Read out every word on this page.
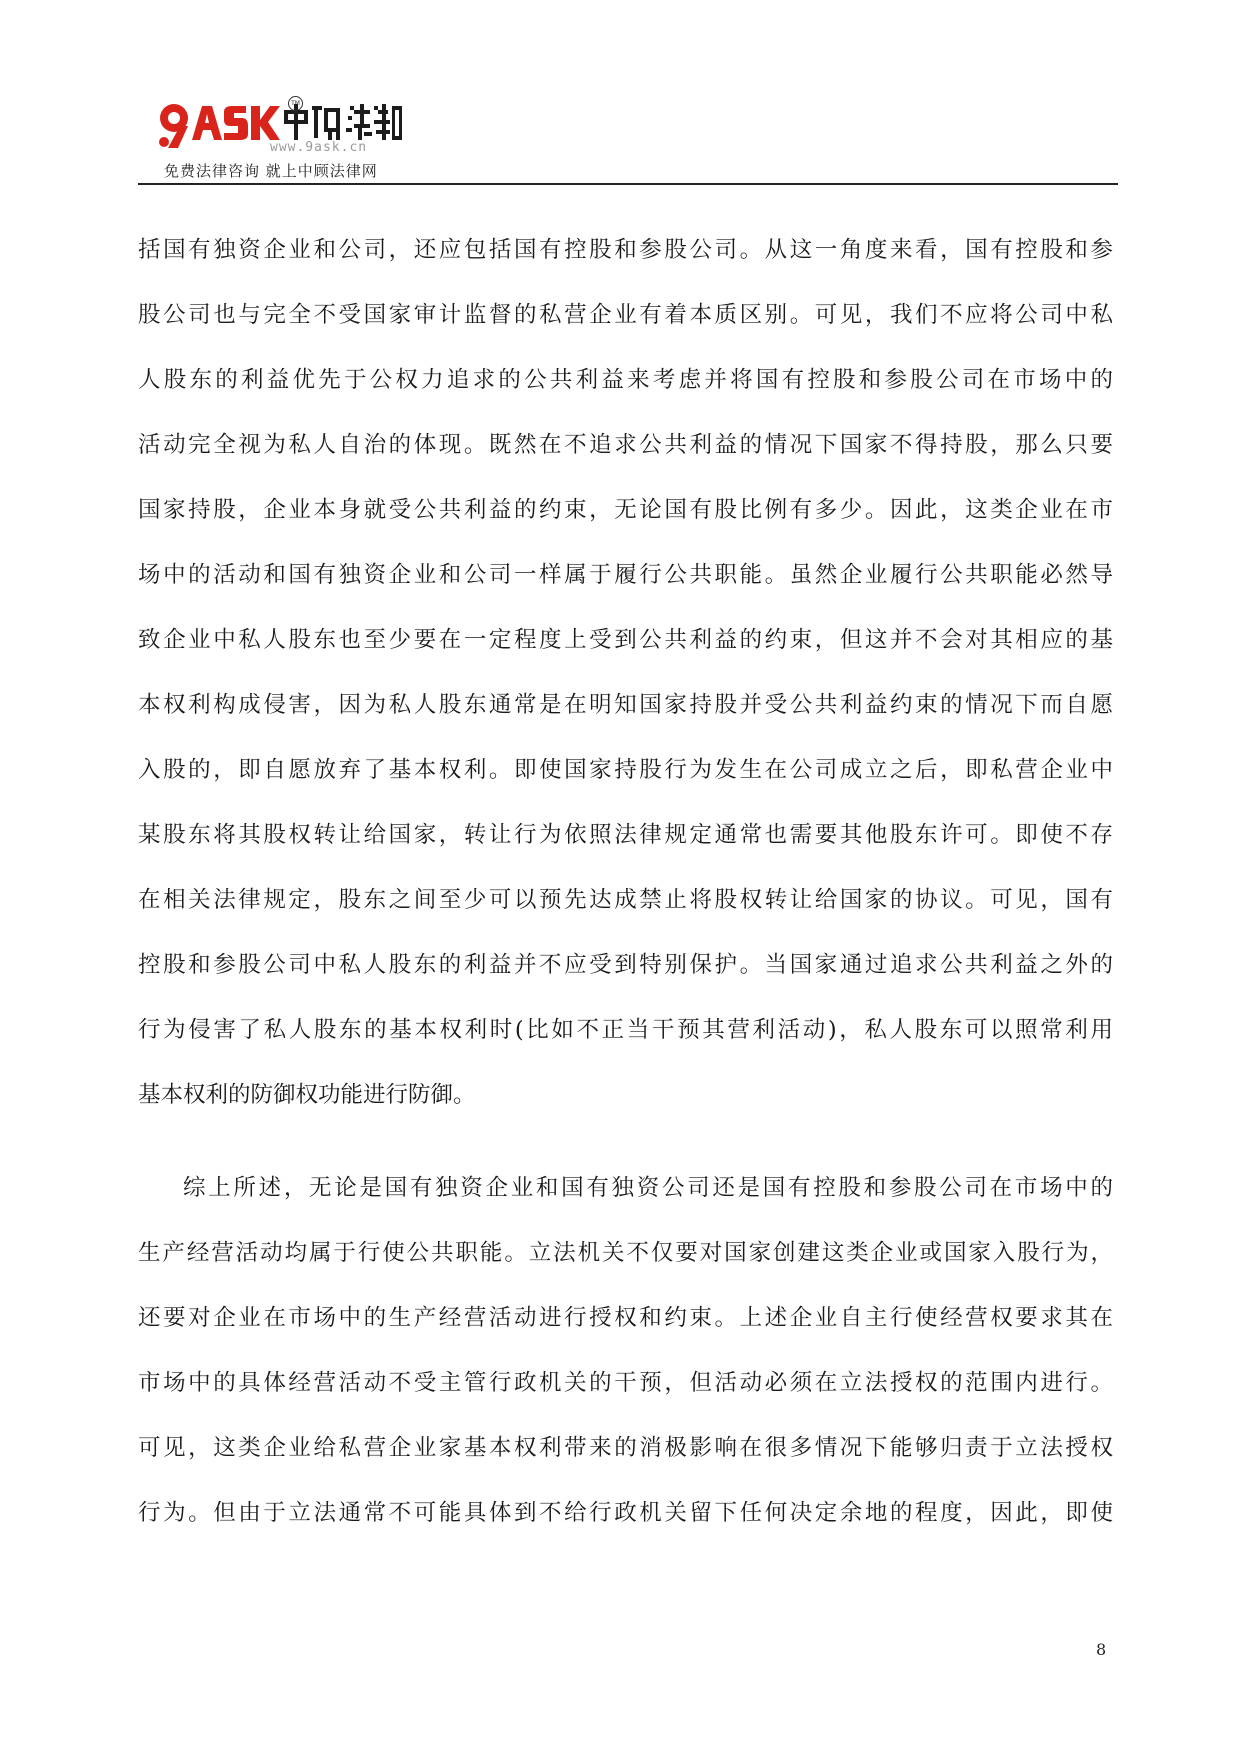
TM
www.9ask.cn
免费法律咨询 就上中顾法律网
括国有独资企业和公司，还应包括国有控股和参股公司。从这一角度来看，国有控股和参
股公司也与完全不受国家审计监督的私营企业有着本质区别。可见，我们不应将公司中私
人股东的利益优先于公权力追求的公共利益来考虑并将国有控股和参股公司在市场中的
活动完全视为私人自治的体现。既然在不追求公共利益的情况下国家不得持股，那么只要
国家持股，企业本身就受公共利益的约束，无论国有股比例有多少。因此，这类企业在市
场中的活动和国有独资企业和公司一样属于履行公共职能。虽然企业履行公共职能必然导
致企业中私人股东也至少要在一定程度上受到公共利益的约束，但这并不会对其相应的基
本权利构成侵害，因为私人股东通常是在明知国家持股并受公共利益约束的情况下而自愿
入股的，即自愿放弃了基本权利。即使国家持股行为发生在公司成立之后，即私营企业中
某股东将其股权转让给国家，转让行为依照法律规定通常也需要其他股东许可。即使不存
在相关法律规定，股东之间至少可以预先达成禁止将股权转让给国家的协议。可见，国有
控股和参股公司中私人股东的利益并不应受到特别保护。当国家通过追求公共利益之外的
行为侵害了私人股东的基本权利时(比如不正当干预其营利活动)，私人股东可以照常利用
基本权利的防御权功能进行防御。
综上所述，无论是国有独资企业和国有独资公司还是国有控股和参股公司在市场中的
生产经营活动均属于行使公共职能。立法机关不仅要对国家创建这类企业或国家入股行为，
还要对企业在市场中的生产经营活动进行授权和约束。上述企业自主行使经营权要求其在
市场中的具体经营活动不受主管行政机关的干预，但活动必须在立法授权的范围内进行。
可见，这类企业给私营企业家基本权利带来的消极影响在很多情况下能够归责于立法授权
行为。但由于立法通常不可能具体到不给行政机关留下任何决定余地的程度，因此，即使
8
